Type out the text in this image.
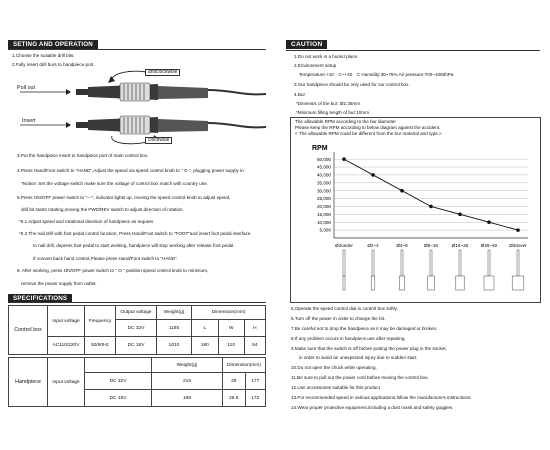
SETING AND OPERATION
1.Choose the suitable drill bits.
2.Fully insert drill burs to handpiece port.
anticlockwise
clockwise
Pull out
Insert
3.Put the handpiece insert to handpiece port of main control box.
4.Press Hand/Foot switch to "HAND",Adjust the speed via speed control knob to " O ", plugging power supply in
*Notice: Set the voltage switch make sure the voltage of control box match with country use.
5.Press ON/OFF power switch to "—", indicator lights up, moving the speed control knob to adjust speed,
drill bit starts rotating,moving the FWD/REV switch to adjust direction of rotation.
*5.1 Adjust speed and rotational direction of handpiece as request.
*5.2 The nail drill with foot pedal control function, Press Hand/Foot switch to "FOOT"and insert foot pedal interface
to nail drill, depress foot pedal to start working, handpiece will stop working after release foot pedal.
If convert back hand control,Please press Hand/Foot switch to "HAND".
6. After working, press ON/OFF power switch to " O " position,speed control knob to minimum,
remove the power supply from outlet.
SPECIFICATIONS
Control box	Input voltage	Frequency	Output voltage	Weight(g)	Dimension(mm)		
			DC 32V	1185	L	W	H
	AC110/220V	50/60Hz	DC 18V	1010	180	110	84
Handpiece	Input voltage		Weight(g)	Dimension(mm)	
		DC 32V	215	29	177
		DC 18V	188	26.5	172
CAUTION
1.Do not work in a humid place.
2.Environment setup
Temperature:+10　C~+40　C Humidity:30~75% Air pressure:700~1060hPa
3.Our handpiece should be only used for our control box.
4.Bur
*Dimensis of the bur: Ø2.35mm
*Minimum filling length of bur:10mm
The allowable RPM according to the bur diameter
Please keep the RPM according to below diagram against the accident.
< The allowable RPM could be different from the bur material and type.>
RPM
50,000
45,000
40,000
35,000
30,000
25,000
20,000
15,000
10,000
5,000
Ø2under	Ø2~4	Ø4~8	Ø8~16	Ø16~26	Ø26~40	Ø40over
5.Operate the speed control dial in control box softly.
6.Turn off the power in order to change the bit.
7.Be careful not to drop the handpiece as it may be damaged or broken.
8.If any problem occurs in handpiece,use after repairing.
9.Make sure that the switch is off before putting the power plug in the socket,
in order to avoid an unexpected injury due to sudden start.
10.Do not open the chuck while operating.
11.Be sure to pull out the power cord before moving the control box.
12.Use accessories suitable for this product.
13.For recommended speed in various applications,follow the manufacture's instructions.
14.Wear proper protective equipment,including a dust mask and safety goggles.
